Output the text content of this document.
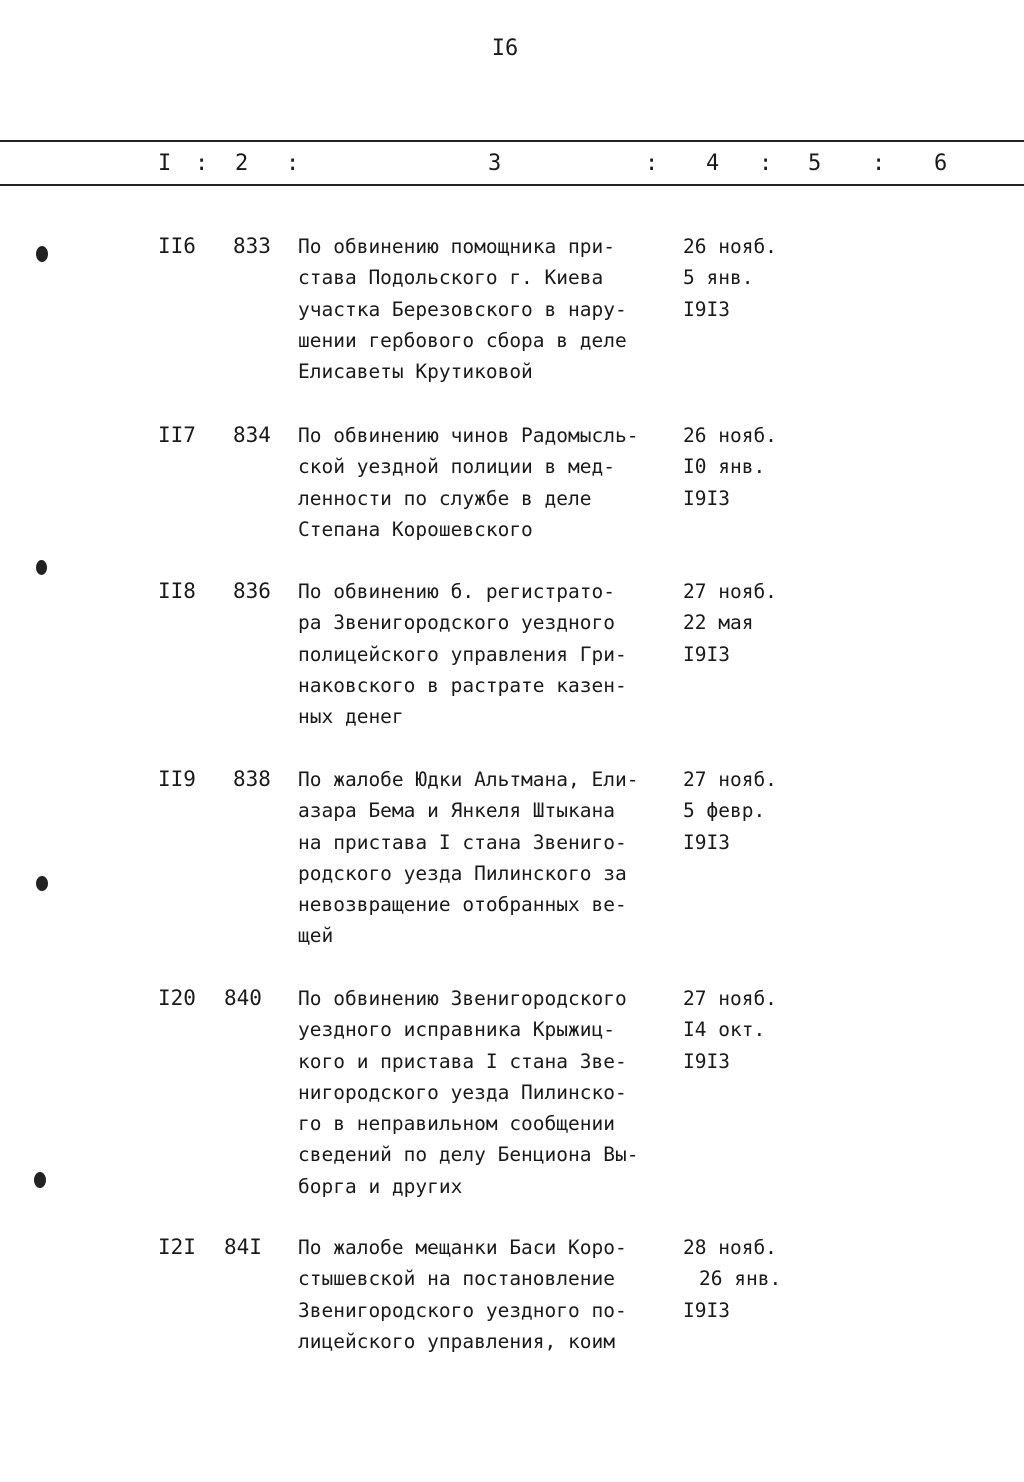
I6
I : 2 :	3	: 4 : 5 : 6
II6 833 По обвинению помощника при-
става Подольского г. Киева
участка Березовского в нару-
шении гербового сбора в деле
Елисаветы Крутиковой
26 нояб.
5 янв.
I9I3
II7 834 По обвинению чинов Радомысль-
ской уездной полиции в мед-
ленности по службе в деле
Степана Корошевского
26 нояб.
I0 янв.
I9I3
II8 836 По обвинению б. регистрато-
ра Звенигородского уездного
полицейского управления Гри-
наковского в растрате казен-
ных денег
27 нояб.
22 мая
I9I3
II9 838 По жалобе Юдки Альтмана, Ели-
азара Бема и Янкеля Штыкана
на пристава I стана Звениго-
родского уезда Пилинского за
невозвращение отобранных ве-
щей
27 нояб.
5 февр.
I9I3
I20 840 По обвинению Звенигородского
уездного исправника Крыжиц-
кого и пристава I стана Зве-
нигородского уезда Пилинско-
го в неправильном сообщении
сведений по делу Бенциона Вы-
борга и других
27 нояб.
I4 окт.
I9I3
I2I 84I По жалобе мещанки Баси Коро-
стышевской на постановление
Звенигородского уездного по-
лицейского управления, коим
28 нояб.
26 янв.
I9I3
